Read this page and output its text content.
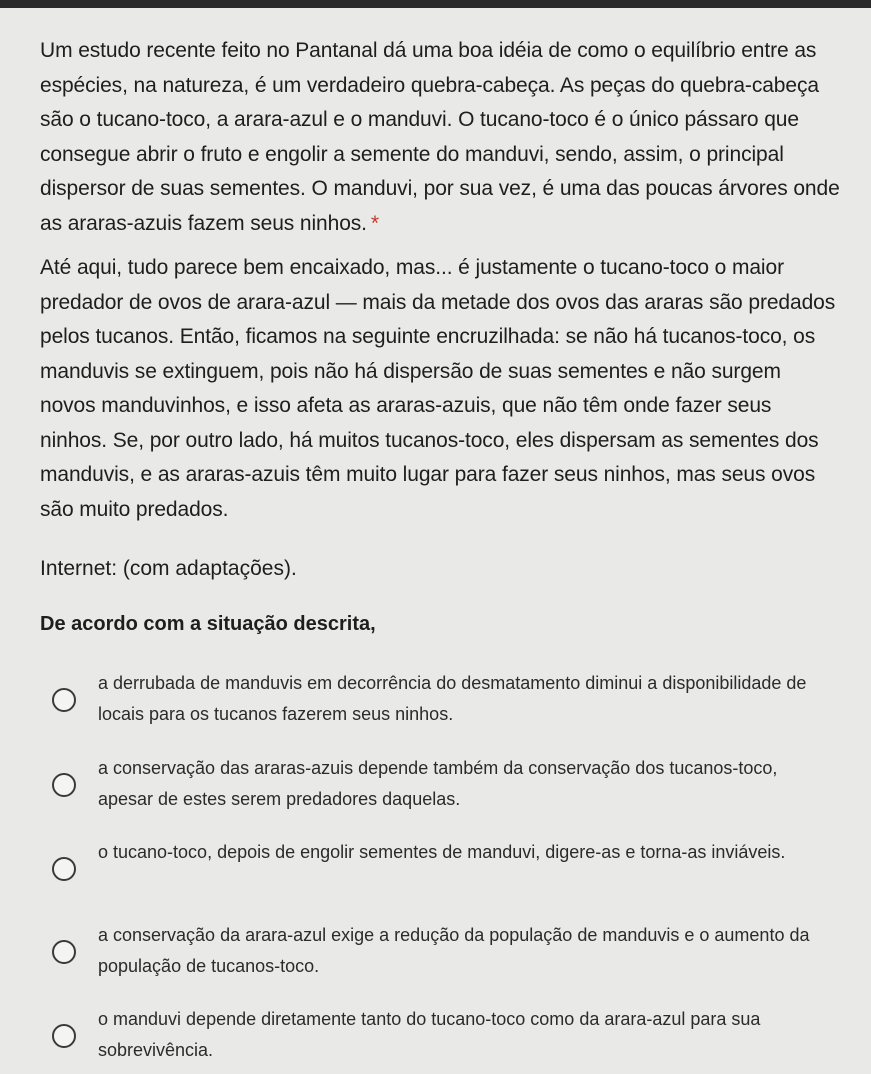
Um estudo recente feito no Pantanal dá uma boa idéia de como o equilíbrio entre as espécies, na natureza, é um verdadeiro quebra-cabeça. As peças do quebra-cabeça são o tucano-toco, a arara-azul e o manduvi. O tucano-toco é o único pássaro que consegue abrir o fruto e engolir a semente do manduvi, sendo, assim, o principal dispersor de suas sementes. O manduvi, por sua vez, é uma das poucas árvores onde as araras-azuis fazem seus ninhos. *

Até aqui, tudo parece bem encaixado, mas... é justamente o tucano-toco o maior predador de ovos de arara-azul — mais da metade dos ovos das araras são predados pelos tucanos. Então, ficamos na seguinte encruzilhada: se não há tucanos-toco, os manduvis se extinguem, pois não há dispersão de suas sementes e não surgem novos manduvinhos, e isso afeta as araras-azuis, que não têm onde fazer seus ninhos. Se, por outro lado, há muitos tucanos-toco, eles dispersam as sementes dos manduvis, e as araras-azuis têm muito lugar para fazer seus ninhos, mas seus ovos são muito predados.

Internet: (com adaptações).
De acordo com a situação descrita,
a derrubada de manduvis em decorrência do desmatamento diminui a disponibilidade de locais para os tucanos fazerem seus ninhos.
a conservação das araras-azuis depende também da conservação dos tucanos-toco, apesar de estes serem predadores daquelas.
o tucano-toco, depois de engolir sementes de manduvi, digere-as e torna-as inviáveis.
a conservação da arara-azul exige a redução da população de manduvis e o aumento da população de tucanos-toco.
o manduvi depende diretamente tanto do tucano-toco como da arara-azul para sua sobrevivência.
